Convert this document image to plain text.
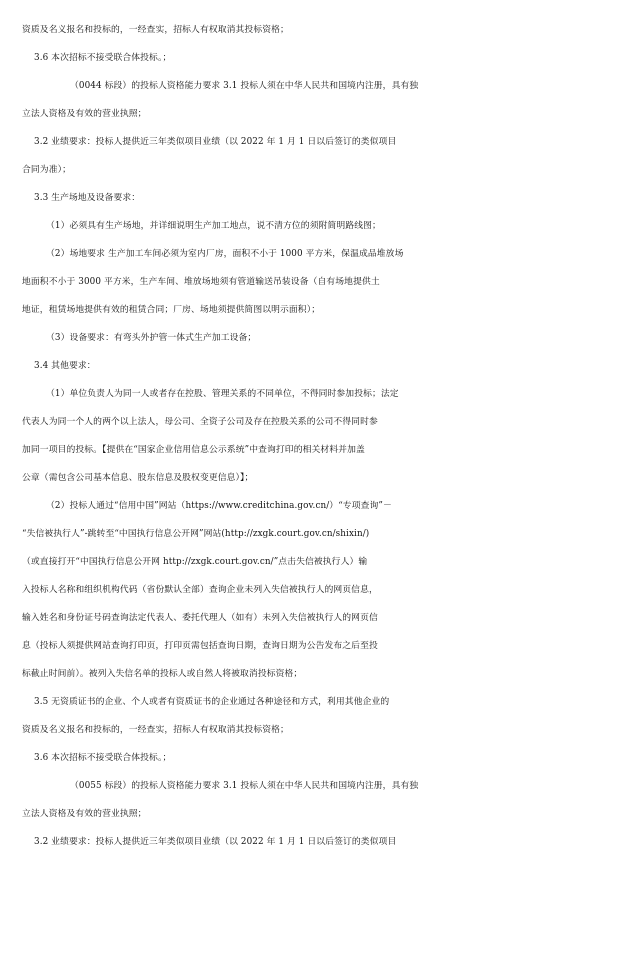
资质及名义报名和投标的，一经查实，招标人有权取消其投标资格；
3.6 本次招标不接受联合体投标。；
（0044 标段）的投标人资格能力要求 3.1 投标人须在中华人民共和国境内注册，具有独
立法人资格及有效的营业执照；
3.2 业绩要求：投标人提供近三年类似项目业绩（以 2022 年 1 月 1 日以后签订的类似项目
合同为准）；
3.3 生产场地及设备要求：
（1）必须具有生产场地，并详细说明生产加工地点，说不清方位的须附简明路线图；
（2）场地要求 生产加工车间必须为室内厂房，面积不小于 1000 平方米，保温成品堆放场
地面积不小于 3000 平方米，生产车间、堆放场地须有管道输送吊装设备（自有场地提供土
地证，租赁场地提供有效的租赁合同；厂房、场地须提供简图以明示面积）；
（3）设备要求：有弯头外护管一体式生产加工设备；
3.4 其他要求：
（1）单位负责人为同一人或者存在控股、管理关系的不同单位，不得同时参加投标；法定
代表人为同一个人的两个以上法人，母公司、全资子公司及存在控股关系的公司不得同时参
加同一项目的投标。【提供在“国家企业信用信息公示系统”中查询打印的相关材料并加盖
公章（需包含公司基本信息、股东信息及股权变更信息）】；
（2）投标人通过“信用中国”网站（https://www.creditchina.gov.cn/）“专项查询”－
“失信被执行人”-跳转至“中国执行信息公开网”网站(http://zxgk.court.gov.cn/shixin/)
（或直接打开“中国执行信息公开网 http://zxgk.court.gov.cn/”点击失信被执行人）输
入投标人名称和组织机构代码（省份默认全部）查询企业未列入失信被执行人的网页信息，
输入姓名和身份证号码查询法定代表人、委托代理人（如有）未列入失信被执行人的网页信
息（投标人须提供网站查询打印页，打印页需包括查询日期，查询日期为公告发布之后至投
标截止时间前）。被列入失信名单的投标人或自然人将被取消投标资格；
3.5 无资质证书的企业、个人或者有资质证书的企业通过各种途径和方式，利用其他企业的
资质及名义报名和投标的，一经查实，招标人有权取消其投标资格；
3.6 本次招标不接受联合体投标。；
（0055 标段）的投标人资格能力要求 3.1 投标人须在中华人民共和国境内注册，具有独
立法人资格及有效的营业执照；
3.2 业绩要求：投标人提供近三年类似项目业绩（以 2022 年 1 月 1 日以后签订的类似项目
